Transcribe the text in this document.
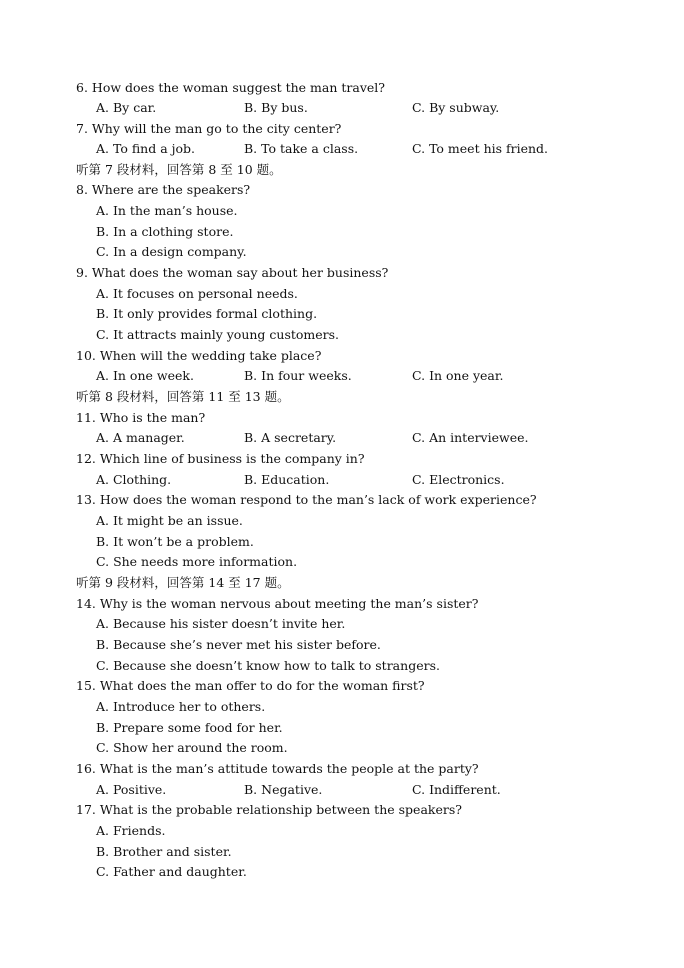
6. How does the woman suggest the man travel?
A. By car.	B. By bus.	C. By subway.
7. Why will the man go to the city center?
A. To find a job.	B. To take a class.	C. To meet his friend.
听第 7 段材料，回答第 8 至 10 题。
8. Where are the speakers?
A. In the man’s house.
B. In a clothing store.
C. In a design company.
9. What does the woman say about her business?
A. It focuses on personal needs.
B. It only provides formal clothing.
C. It attracts mainly young customers.
10. When will the wedding take place?
A. In one week.	B. In four weeks.	C. In one year.
听第 8 段材料，回答第 11 至 13 题。
11. Who is the man?
A. A manager.	B. A secretary.	C. An interviewee.
12. Which line of business is the company in?
A. Clothing.	B. Education.	C. Electronics.
13. How does the woman respond to the man’s lack of work experience?
A. It might be an issue.
B. It won’t be a problem.
C. She needs more information.
听第 9 段材料，回答第 14 至 17 题。
14. Why is the woman nervous about meeting the man’s sister?
A. Because his sister doesn’t invite her.
B. Because she’s never met his sister before.
C. Because she doesn’t know how to talk to strangers.
15. What does the man offer to do for the woman first?
A. Introduce her to others.
B. Prepare some food for her.
C. Show her around the room.
16. What is the man’s attitude towards the people at the party?
A. Positive.	B. Negative.	C. Indifferent.
17. What is the probable relationship between the speakers?
A. Friends.
B. Brother and sister.
C. Father and daughter.
